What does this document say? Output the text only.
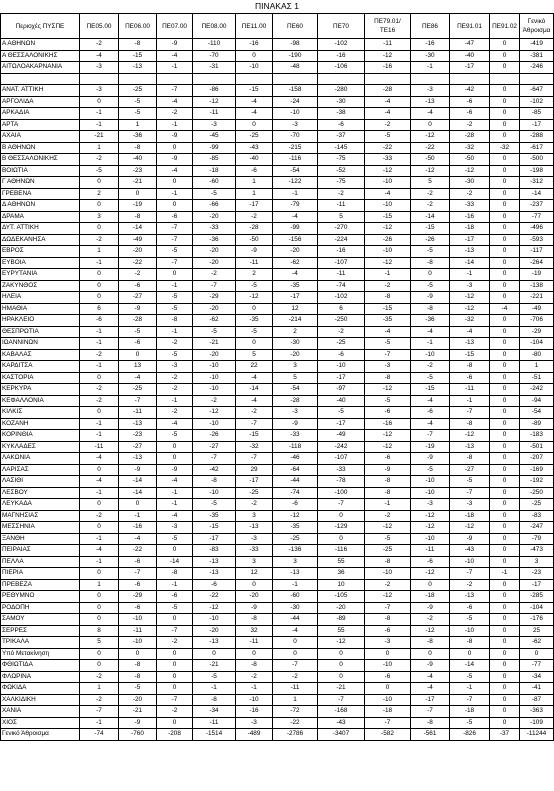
ΠΙΝΑΚΑΣ 1
Περιοχές ΠΥΣΠΕ	ΠΕ05.00	ΠΕ06.00	ΠΕ07.00	ΠΕ08.00	ΠΕ11.00	ΠΕ60	ΠΕ70	ΠΕ79.01/ ΤΕ16	ΠΕ86	ΠΕ91.01	ΠΕ91.02	Γενικό Άθροισμα
Α ΑΘΗΝΩΝ	-2	-8	-9	-110	-16	-98	-102	-11	-16	-47	0	-419
Α ΘΕΣΣΑΛΟΝΙΚΗΣ	-4	-15	-4	-70	0	-190	-16	-12	-30	-40	0	-381
ΑΙΤΩΛΟΑΚΑΡΝΑΝΙΑ	-3	-13	-1	-31	-10	-48	-106	-16	-1	-17	0	-246

ΑΝΑΤ. ΑΤΤΙΚΗ	-3	-25	-7	-86	-15	-158	-280	-28	-3	-42	0	-647
ΑΡΓΟΛΙΔΑ	0	-5	-4	-12	-4	-24	-30	-4	-13	-6	0	-102
ΑΡΚΑΔΙΑ	-1	-5	-2	-11	-4	-10	-38	-4	-4	-6	0	-85
ΑΡΤΑ	-1	1	-1	-3	0	-3	-6	-2	0	-2	0	-17
ΑΧΑΙΑ	-21	-36	-9	-45	-25	-70	-37	-5	-12	-28	0	-288
Β ΑΘΗΝΩΝ	1	-8	0	-99	-43	-215	-145	-22	-22	-32	-32	-617
Β ΘΕΣΣΑΛΟΝΙΚΗΣ	-2	-40	-9	-85	-40	-116	-75	-33	-50	-50	0	-500
ΒΟΙΩΤΙΑ	-5	-23	-4	-18	-6	-54	-52	-12	-12	-12	0	-198
Γ ΑΘΗΝΩΝ	0	-21	0	-60	1	-122	-75	-10	5	-30	0	-312
ΓΡΕΒΕΝΑ	2	0	-1	-5	1	-1	-2	-4	-2	-2	0	-14
Δ ΑΘΗΝΩΝ	0	-19	0	-66	-17	-79	-11	-10	-2	-33	0	-237
ΔΡΑΜΑ	3	-8	-6	-20	-2	-4	5	-15	-14	-16	0	-77
ΔΥΤ. ΑΤΤΙΚΗ	0	-14	-7	-33	-28	-99	-270	-12	-15	-18	0	-496
ΔΩΔΕΚΑΝΗΣΑ	-2	-49	-7	-36	-50	-156	-224	-26	-26	-17	0	-593
ΕΒΡΟΣ	1	-20	-5	-20	-9	-20	-16	-10	-5	-13	0	-117
ΕΥΒΟΙΑ	-1	-22	-7	-20	-11	-62	-107	-12	-8	-14	0	-264
ΕΥΡΥΤΑΝΙΑ	0	-2	0	-2	2	-4	-11	-1	0	-1	0	-19
ΖΑΚΥΝΘΟΣ	0	-6	-1	-7	-5	-35	-74	-2	-5	-3	0	-138
ΗΛΕΙΑ	0	-27	-5	-29	-12	-17	-102	-8	-9	-12	0	-221
ΗΜΑΘΙΑ	6	-9	-5	-20	0	12	6	-15	-8	-12	-4	-49
ΗΡΑΚΛΕΙΟ	-6	-28	-8	-62	-35	-214	-250	-35	-36	-32	0	-706
ΘΕΣΠΡΩΤΙΑ	-1	-5	-1	-5	-5	2	-2	-4	-4	-4	0	-29
ΙΩΑΝΝΙΝΩΝ	-1	-6	-2	-21	0	-30	-25	-5	-1	-13	0	-104
ΚΑΒΑΛΑΣ	-2	0	-5	-20	5	-20	-6	-7	-10	-15	0	-80
ΚΑΡΔΙΤΣΑ	-1	13	-3	-10	22	3	-10	-3	-2	-8	0	1
ΚΑΣΤΟΡΙΑ	0	-4	-2	-10	-4	5	-17	-8	-5	-6	0	-51
ΚΕΡΚΥΡΑ	-2	-25	-2	-10	-14	-54	-97	-12	-15	-11	0	-242
ΚΕΦΑΛΛΟΝΙΑ	-2	-7	-1	-2	-4	-28	-40	-5	-4	-1	0	-94
ΚΙΛΚΙΣ	0	-11	-2	-12	-2	-3	-5	-6	-6	-7	0	-54
ΚΟΖΑΝΗ	-1	-13	-4	-10	-7	-9	-17	-16	-4	-8	0	-89
ΚΟΡΙΝΘΙΑ	-1	-23	-5	-26	-15	-33	-49	-12	-7	-12	0	-183
ΚΥΚΛΑΔΕΣ	-11	-27	0	-27	-32	-118	-242	-12	-19	-13	0	-501
ΛΑΚΩΝΙΑ	-4	-13	0	-7	-7	-46	-107	-6	-9	-8	0	-207
ΛΑΡΙΣΑΣ	0	-9	-9	-42	29	-64	-33	-9	-5	-27	0	-169
ΛΑΣΙΘΙ	-4	-14	-4	-8	-17	-44	-78	-8	-10	-5	0	-192
ΛΕΣΒΟΥ	-1	-14	-1	-10	-25	-74	-100	-8	-10	-7	0	-250
ΛΕΥΚΑΔΑ	0	0	-1	-5	-2	-6	-7	-1	-3	-3	0	-25
ΜΑΓΝΗΣΙΑΣ	-2	-1	-4	-35	3	-12	0	-2	-12	-18	0	-83
ΜΕΣΣΗΝΙΑ	0	-16	-3	-15	-13	-35	-129	-12	-12	-12	0	-247
ΞΑΝΘΗ	-1	-4	-5	-17	-3	-25	0	-5	-10	-9	0	-79
ΠΕΙΡΑΙΑΣ	-4	-22	0	-83	-33	-136	-116	-25	-11	-43	0	-473
ΠΕΛΛΑ	-1	-6	-14	-13	3	3	55	-8	-6	-10	0	3
ΠΙΕΡΙΑ	0	-7	-8	-13	12	-13	36	-10	-12	-7	-1	-23
ΠΡΕΒΕΖΑ	1	-6	-1	-6	0	-1	10	-2	0	-2	0	-17
ΡΕΘΥΜΝΟ	0	-29	-6	-22	-20	-60	-105	-12	-18	-13	0	-285
ΡΟΔΟΠΗ	0	-6	-5	-12	-9	-30	-20	-7	-9	-6	0	-104
ΣΑΜΟΥ	0	-10	0	-10	-8	-44	-89	-8	-2	-5	0	-176
ΣΕΡΡΕΣ	8	-11	-7	-20	32	-4	55	-6	-12	-10	0	25
ΤΡΙΚΑΛΑ	5	-10	-2	-13	-11	0	-12	-3	-8	-8	0	-62
Υπό Μετακίνηση	0	0	0	0	0	0	0	0	0	0	0	0
ΦΘΙΩΤΙΔΑ	0	-8	0	-21	-8	-7	0	-10	-9	-14	0	-77
ΦΛΩΡΙΝΑ	-2	-8	0	-5	-2	-2	0	-6	-4	-5	0	-34
ΦΩΚΙΔΑ	1	-5	0	-1	-1	-11	-21	0	-4	-1	0	-41
ΧΑΛΚΙΔΙΚΗ	-2	-20	-7	-8	-10	1	-7	-10	-17	-7	0	-87
ΧΑΝΙΑ	-7	-21	-2	-34	-16	-72	-168	-18	-7	-18	0	-363
ΧΙΟΣ	-1	-9	0	-11	-3	-22	-43	-7	-8	-5	0	-109
Γενικό Άθροισμα	-74	-760	-208	-1514	-489	-2786	-3407	-582	-561	-826	-37	-11244
